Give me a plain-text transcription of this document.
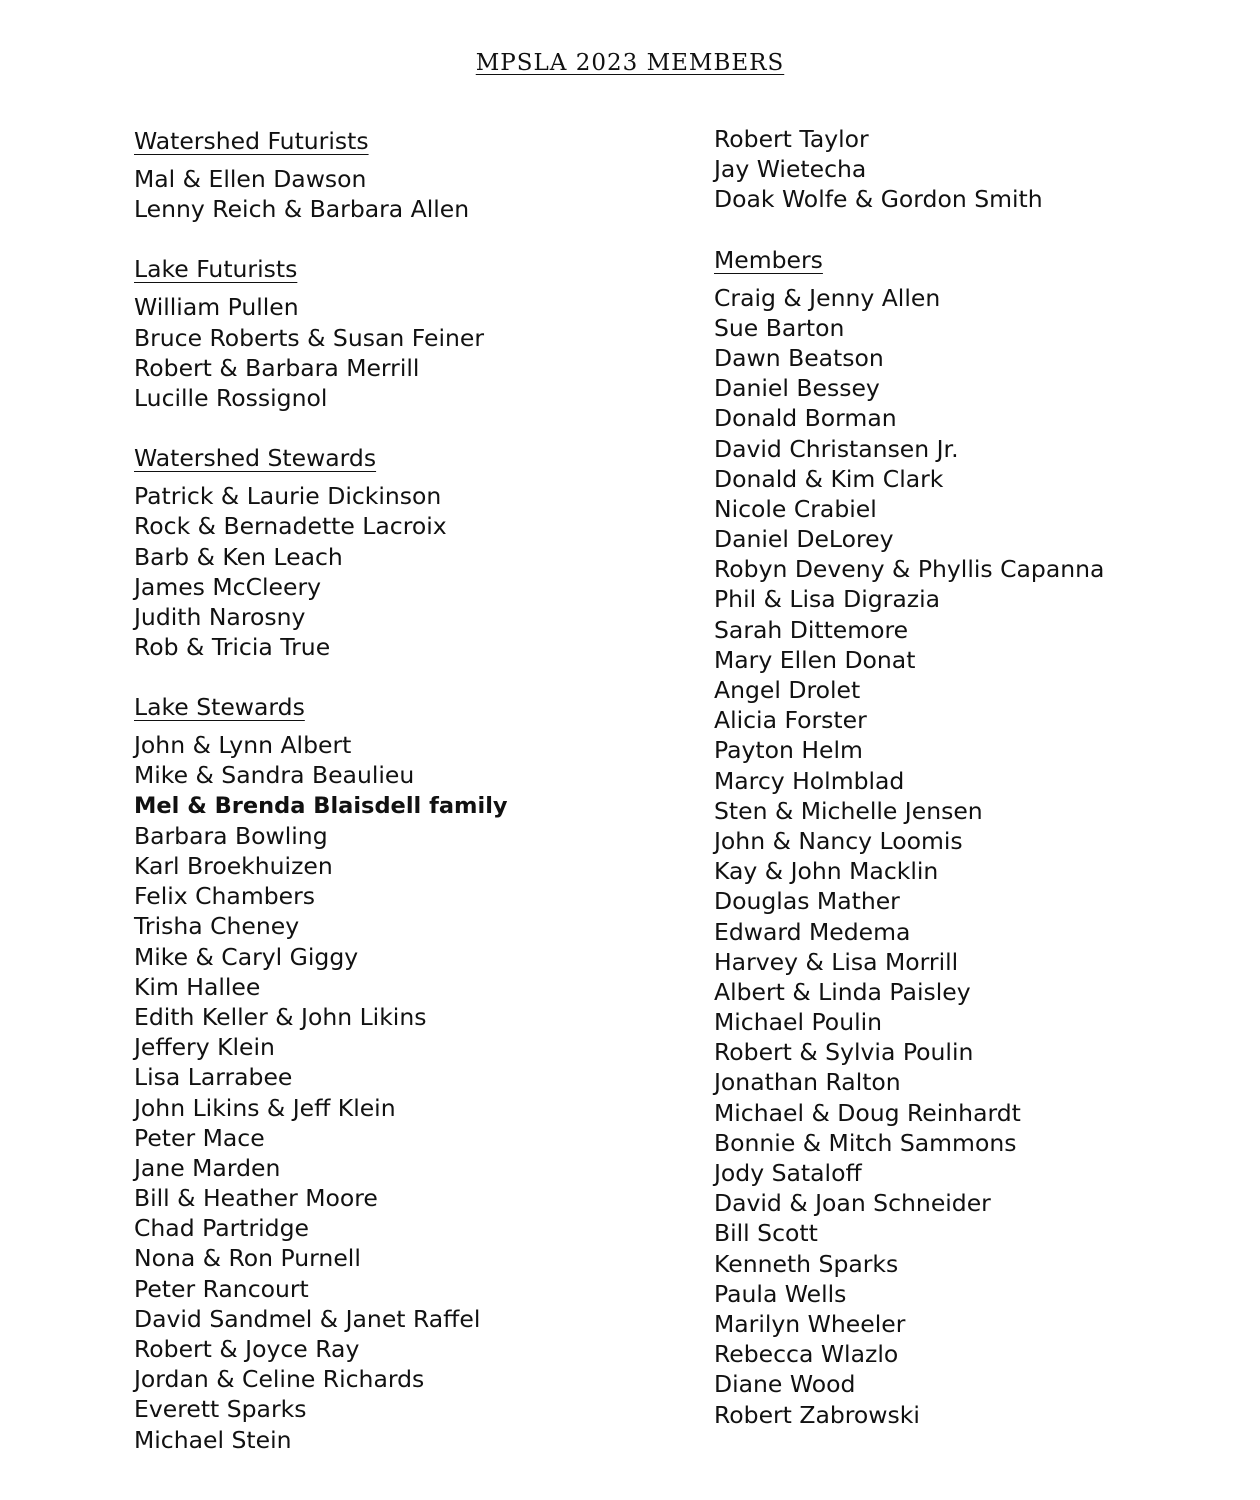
MPSLA 2023 MEMBERS
Watershed Futurists
Mal & Ellen Dawson
Lenny Reich & Barbara Allen
Lake Futurists
William Pullen
Bruce Roberts & Susan Feiner
Robert & Barbara Merrill
Lucille Rossignol
Watershed Stewards
Patrick & Laurie Dickinson
Rock & Bernadette Lacroix
Barb & Ken Leach
James McCleery
Judith Narosny
Rob & Tricia True
Lake Stewards
John & Lynn Albert
Mike & Sandra Beaulieu
Mel & Brenda Blaisdell family
Barbara Bowling
Karl Broekhuizen
Felix Chambers
Trisha Cheney
Mike & Caryl Giggy
Kim Hallee
Edith Keller & John Likins
Jeffery Klein
Lisa Larrabee
John Likins & Jeff Klein
Peter Mace
Jane Marden
Bill & Heather Moore
Chad Partridge
Nona & Ron Purnell
Peter Rancourt
David Sandmel & Janet Raffel
Robert & Joyce Ray
Jordan & Celine Richards
Everett Sparks
Michael Stein
Robert Taylor
Jay Wietecha
Doak Wolfe & Gordon Smith
Members
Craig & Jenny Allen
Sue Barton
Dawn Beatson
Daniel Bessey
Donald Borman
David Christansen Jr.
Donald & Kim Clark
Nicole Crabiel
Daniel DeLorey
Robyn Deveny & Phyllis Capanna
Phil & Lisa Digrazia
Sarah Dittemore
Mary Ellen Donat
Angel Drolet
Alicia Forster
Payton Helm
Marcy Holmblad
Sten & Michelle Jensen
John & Nancy Loomis
Kay & John Macklin
Douglas Mather
Edward Medema
Harvey & Lisa Morrill
Albert & Linda Paisley
Michael Poulin
Robert & Sylvia Poulin
Jonathan Ralton
Michael & Doug Reinhardt
Bonnie & Mitch Sammons
Jody Sataloff
David & Joan Schneider
Bill Scott
Kenneth Sparks
Paula Wells
Marilyn Wheeler
Rebecca Wlazlo
Diane Wood
Robert Zabrowski
